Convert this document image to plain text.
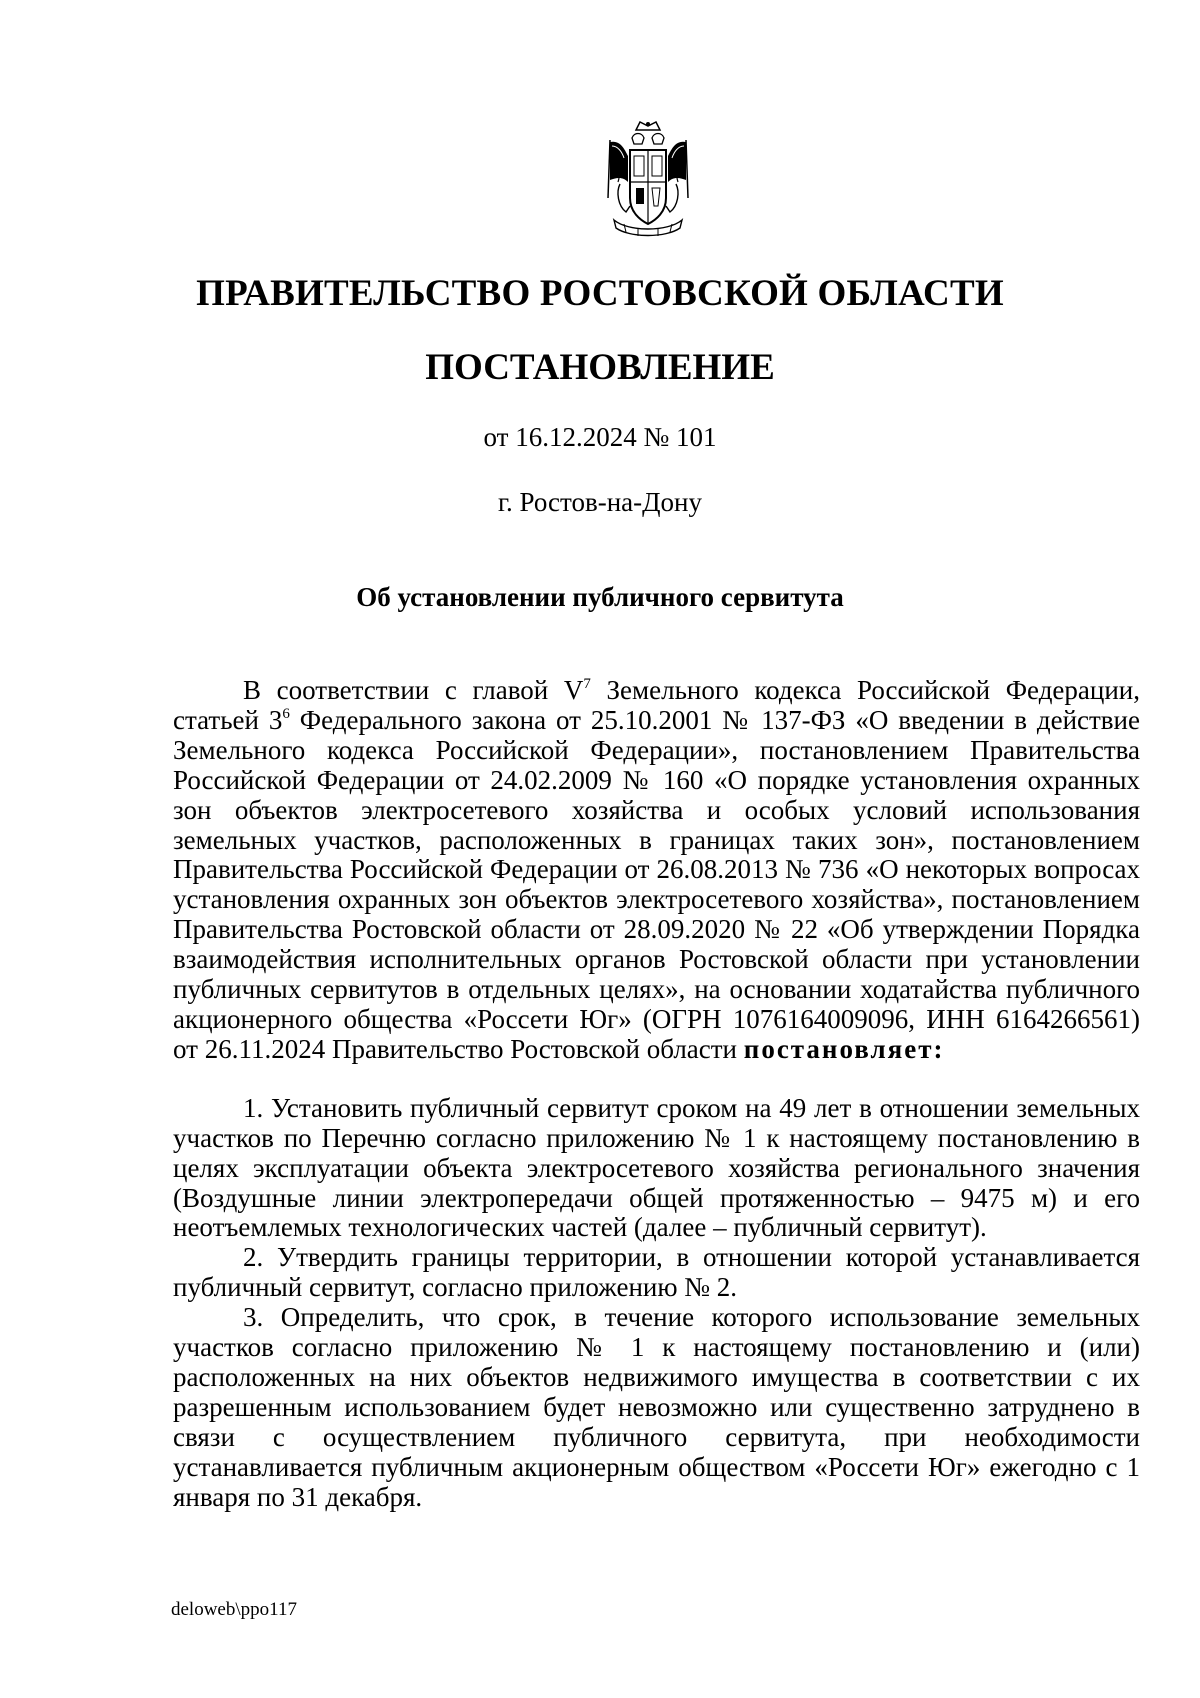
ПРАВИТЕЛЬСТВО РОСТОВСКОЙ ОБЛАСТИ
ПОСТАНОВЛЕНИЕ
от 16.12.2024 № 101
г. Ростов-на-Дону
Об установлении публичного сервитута

В соответствии с главой $V^7$ Земельного кодекса Российской Федерации, статьей $3^6$ Федерального закона от 25.10.2001 № 137-ФЗ «О введении в действие Земельного кодекса Российской Федерации», постановлением Правительства Российской Федерации от 24.02.2009 № 160 «О порядке установления охранных зон объектов электросетевого хозяйства и особых условий использования земельных участков, расположенных в границах таких зон», постановлением Правительства Российской Федерации от 26.08.2013 № 736 «О некоторых вопросах установления охранных зон объектов электросетевого хозяйства», постановлением Правительства Ростовской области от 28.09.2020 № 22 «Об утверждении Порядка взаимодействия исполнительных органов Ростовской области при установлении публичных сервитутов в отдельных целях», на основании ходатайства публичного акционерного общества «Россети Юг» (ОГРН 1076164009096, ИНН 6164266561) от 26.11.2024 Правительство Ростовской области постановляет:

1. Установить публичный сервитут сроком на 49 лет в отношении земельных участков по Перечню согласно приложению № 1 к настоящему постановлению в целях эксплуатации объекта электросетевого хозяйства регионального значения (Воздушные линии электропередачи общей протяженностью – 9475 м) и его неотъемлемых технологических частей (далее – публичный сервитут).

2. Утвердить границы территории, в отношении которой устанавливается публичный сервитут, согласно приложению № 2.

3. Определить, что срок, в течение которого использование земельных участков согласно приложению № 1 к настоящему постановлению и (или) расположенных на них объектов недвижимого имущества в соответствии с их разрешенным использованием будет невозможно или существенно затруднено в связи с осуществлением публичного сервитута, при необходимости устанавливается публичным акционерным обществом «Россети Юг» ежегодно с 1 января по 31 декабря.

deloweb\ppo117
